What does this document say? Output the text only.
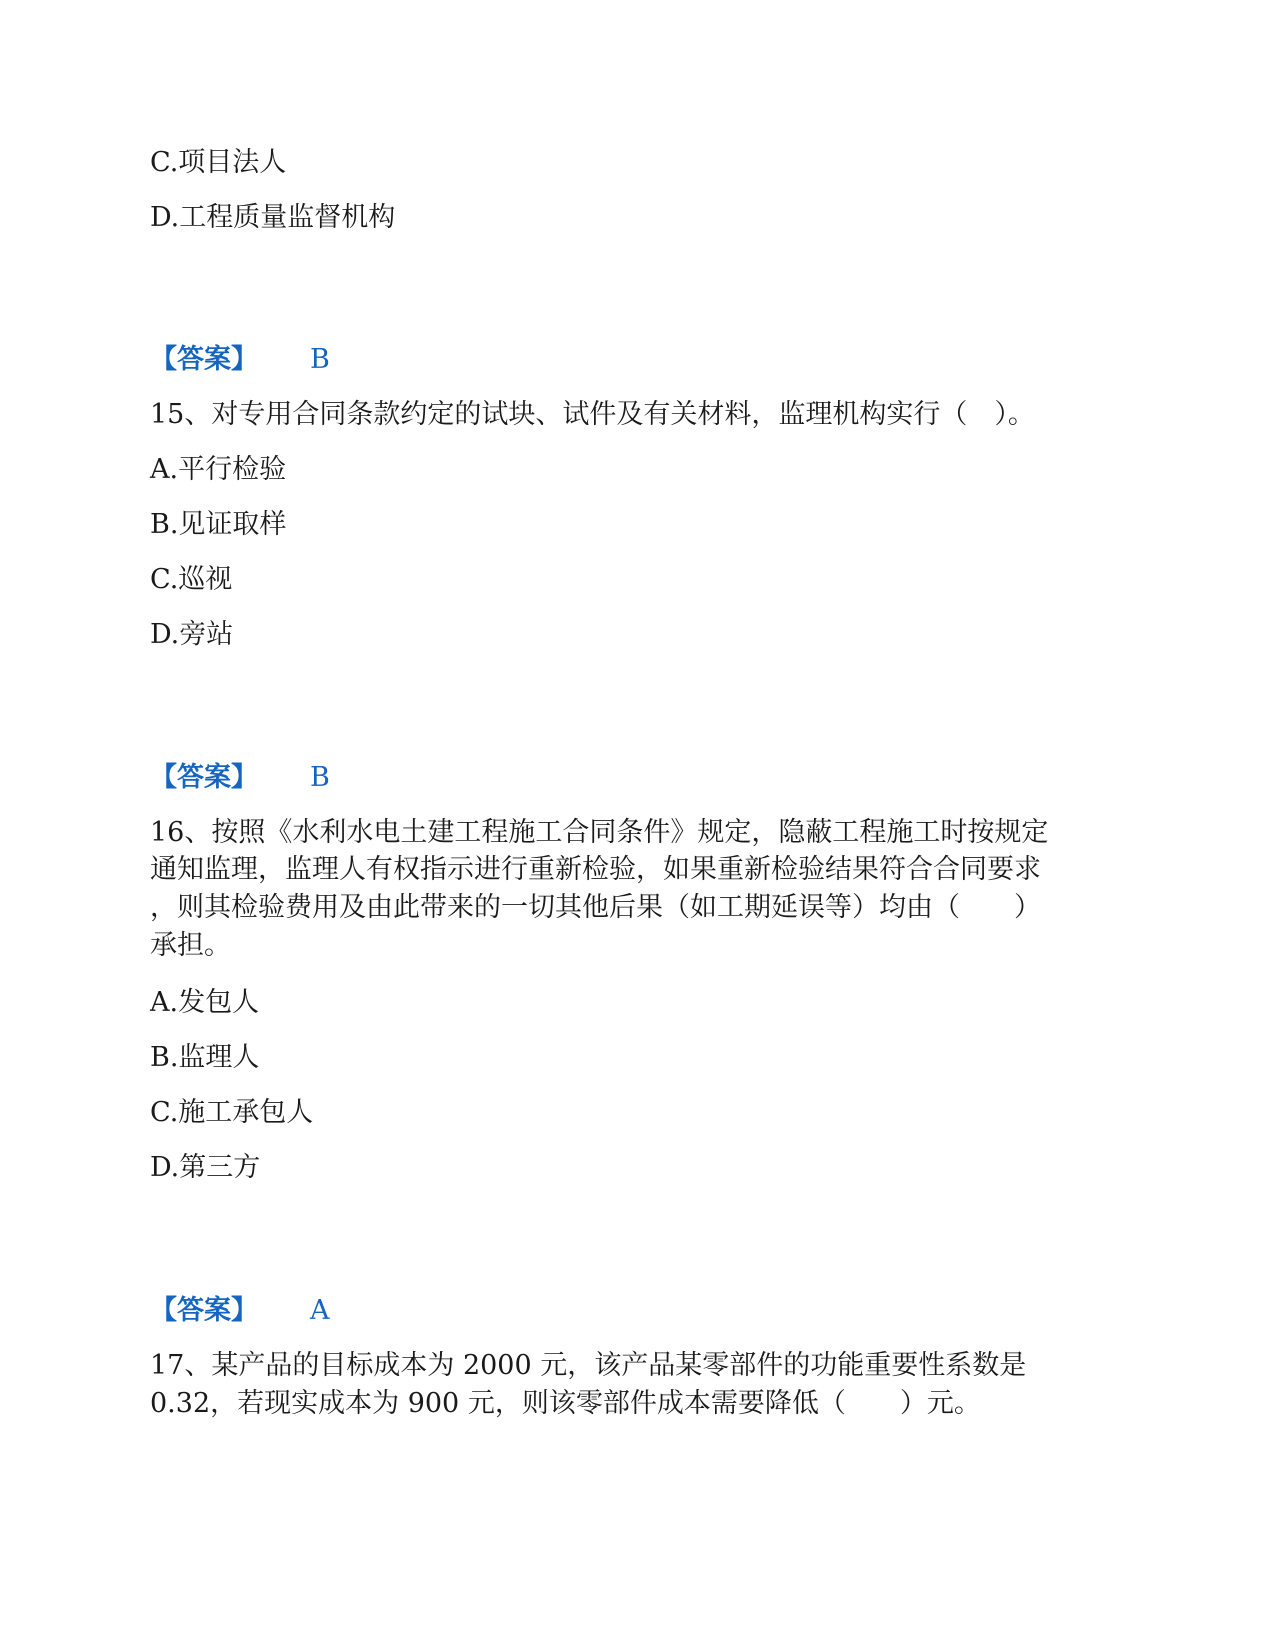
C.项目法人
D.工程质量监督机构
【答案】 B
15、对专用合同条款约定的试块、试件及有关材料，监理机构实行（　）。
A.平行检验
B.见证取样
C.巡视
D.旁站
【答案】 B
16、按照《水利水电土建工程施工合同条件》规定，隐蔽工程施工时按规定
通知监理，监理人有权指示进行重新检验，如果重新检验结果符合合同要求
，则其检验费用及由此带来的一切其他后果（如工期延误等）均由（　　）
承担。
A.发包人
B.监理人
C.施工承包人
D.第三方
【答案】 A
17、某产品的目标成本为 2000 元，该产品某零部件的功能重要性系数是
0.32，若现实成本为 900 元，则该零部件成本需要降低（　　）元。
